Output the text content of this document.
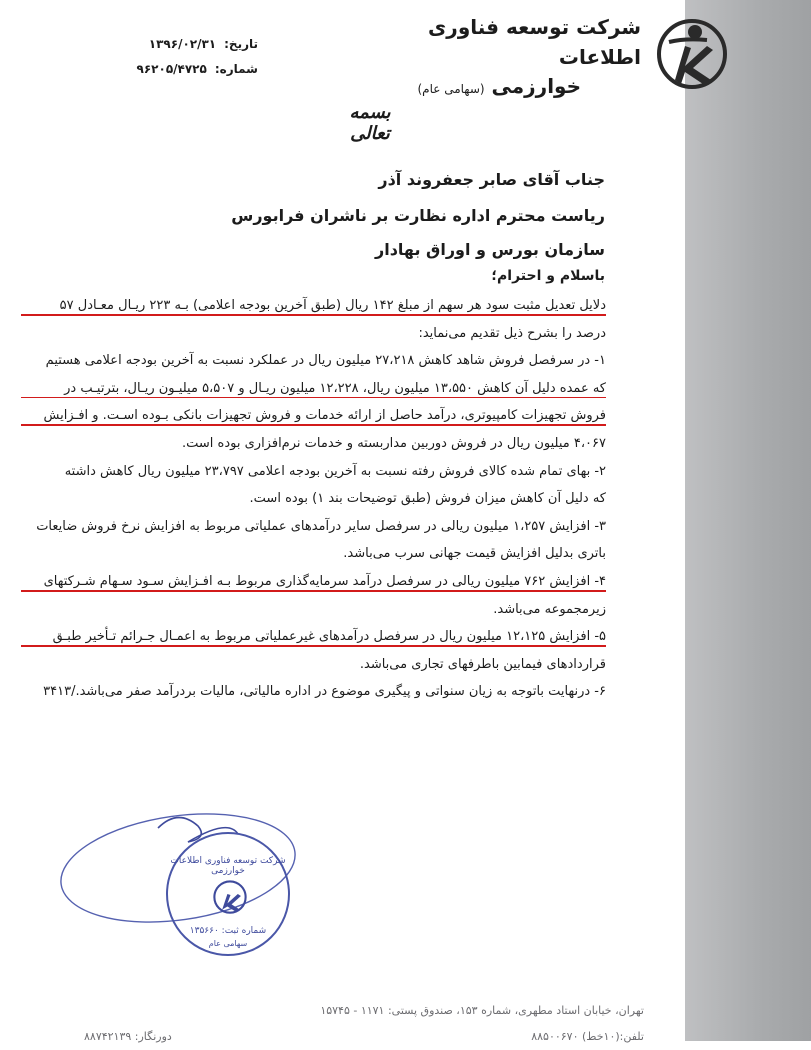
شرکت توسعه فناوری اطلاعات
خوارزمی (سهامی عام)
تاریخ:۱۳۹۶/۰۲/۳۱
شماره:۹۶۲۰۵/۴۷۲۵
بسمه تعالی
جناب آقای صابر جعفروند آذر
ریاست محترم اداره نظارت بر ناشران فرابورس
سازمان بورس و اوراق بهادار
باسلام و احترام؛
دلایل تعدیل مثبت سود هر سهم از مبلغ ۱۴۲ ریال (طبق آخرین بودجه اعلامی) بـه ۲۲۳ ریـال معـادل ۵۷
درصد را بشرح ذیل تقدیم می‌نماید:
۱- در سرفصل فروش شاهد کاهش ۲۷،۲۱۸ میلیون ریال در عملکرد نسبت به آخرین بودجه اعلامی هستیم
که عمده دلیل آن کاهش ۱۳،۵۵۰ میلیون ریال، ۱۲،۲۲۸ میلیون ریـال و ۵،۵۰۷ میلیـون ریـال، بترتیـب در
فروش تجهیزات کامپیوتری، درآمد حاصل از ارائه خدمات و فروش تجهیزات بانکی بـوده اسـت. و افـزایش
۴،۰۶۷ میلیون ریال در فروش دوربین مداربسته و خدمات نرم‌افزاری بوده است.
۲- بهای تمام شده کالای فروش رفته نسبت به آخرین بودجه اعلامی ۲۳،۷۹۷ میلیون ریال کاهش داشته
که دلیل آن کاهش میزان فروش (طبق توضیحات بند ۱) بوده است.
۳- افزایش ۱،۲۵۷ میلیون ریالی در سرفصل سایر درآمدهای عملیاتی مربوط به افزایش نرخ فروش ضایعات
باتری بدلیل افزایش قیمت جهانی سرب می‌باشد.
۴- افزایش ۷۶۲ میلیون ریالی در سرفصل درآمد سرمایه‌گذاری مربوط بـه افـزایش سـود سـهام شـرکتهای
زیرمجموعه می‌باشد.
۵- افزایش ۱۲،۱۲۵ میلیون ریال در سرفصل درآمدهای غیرعملیاتی مربوط به اعمـال جـرائم تـأخیر طبـق
قراردادهای فیمابین باطرفهای تجاری می‌باشد.
۶- درنهایت باتوجه به زیان سنواتی و پیگیری موضوع در اداره مالیاتی، مالیات بردرآمد صفر می‌باشد./۳۴۱۳
شرکت توسعه فناوری اطلاعات خوارزمی
شماره ثبت: ۱۳۵۶۶۰
سهامی عام
تهران، خیابان استاد مطهری، شماره ۱۵۳، صندوق پستی: ۱۱۷۱ - ۱۵۷۴۵
تلفن:(۱۰خط) ۸۸۵۰۰۶۷۰
دورنگار: ۸۸۷۴۲۱۳۹
